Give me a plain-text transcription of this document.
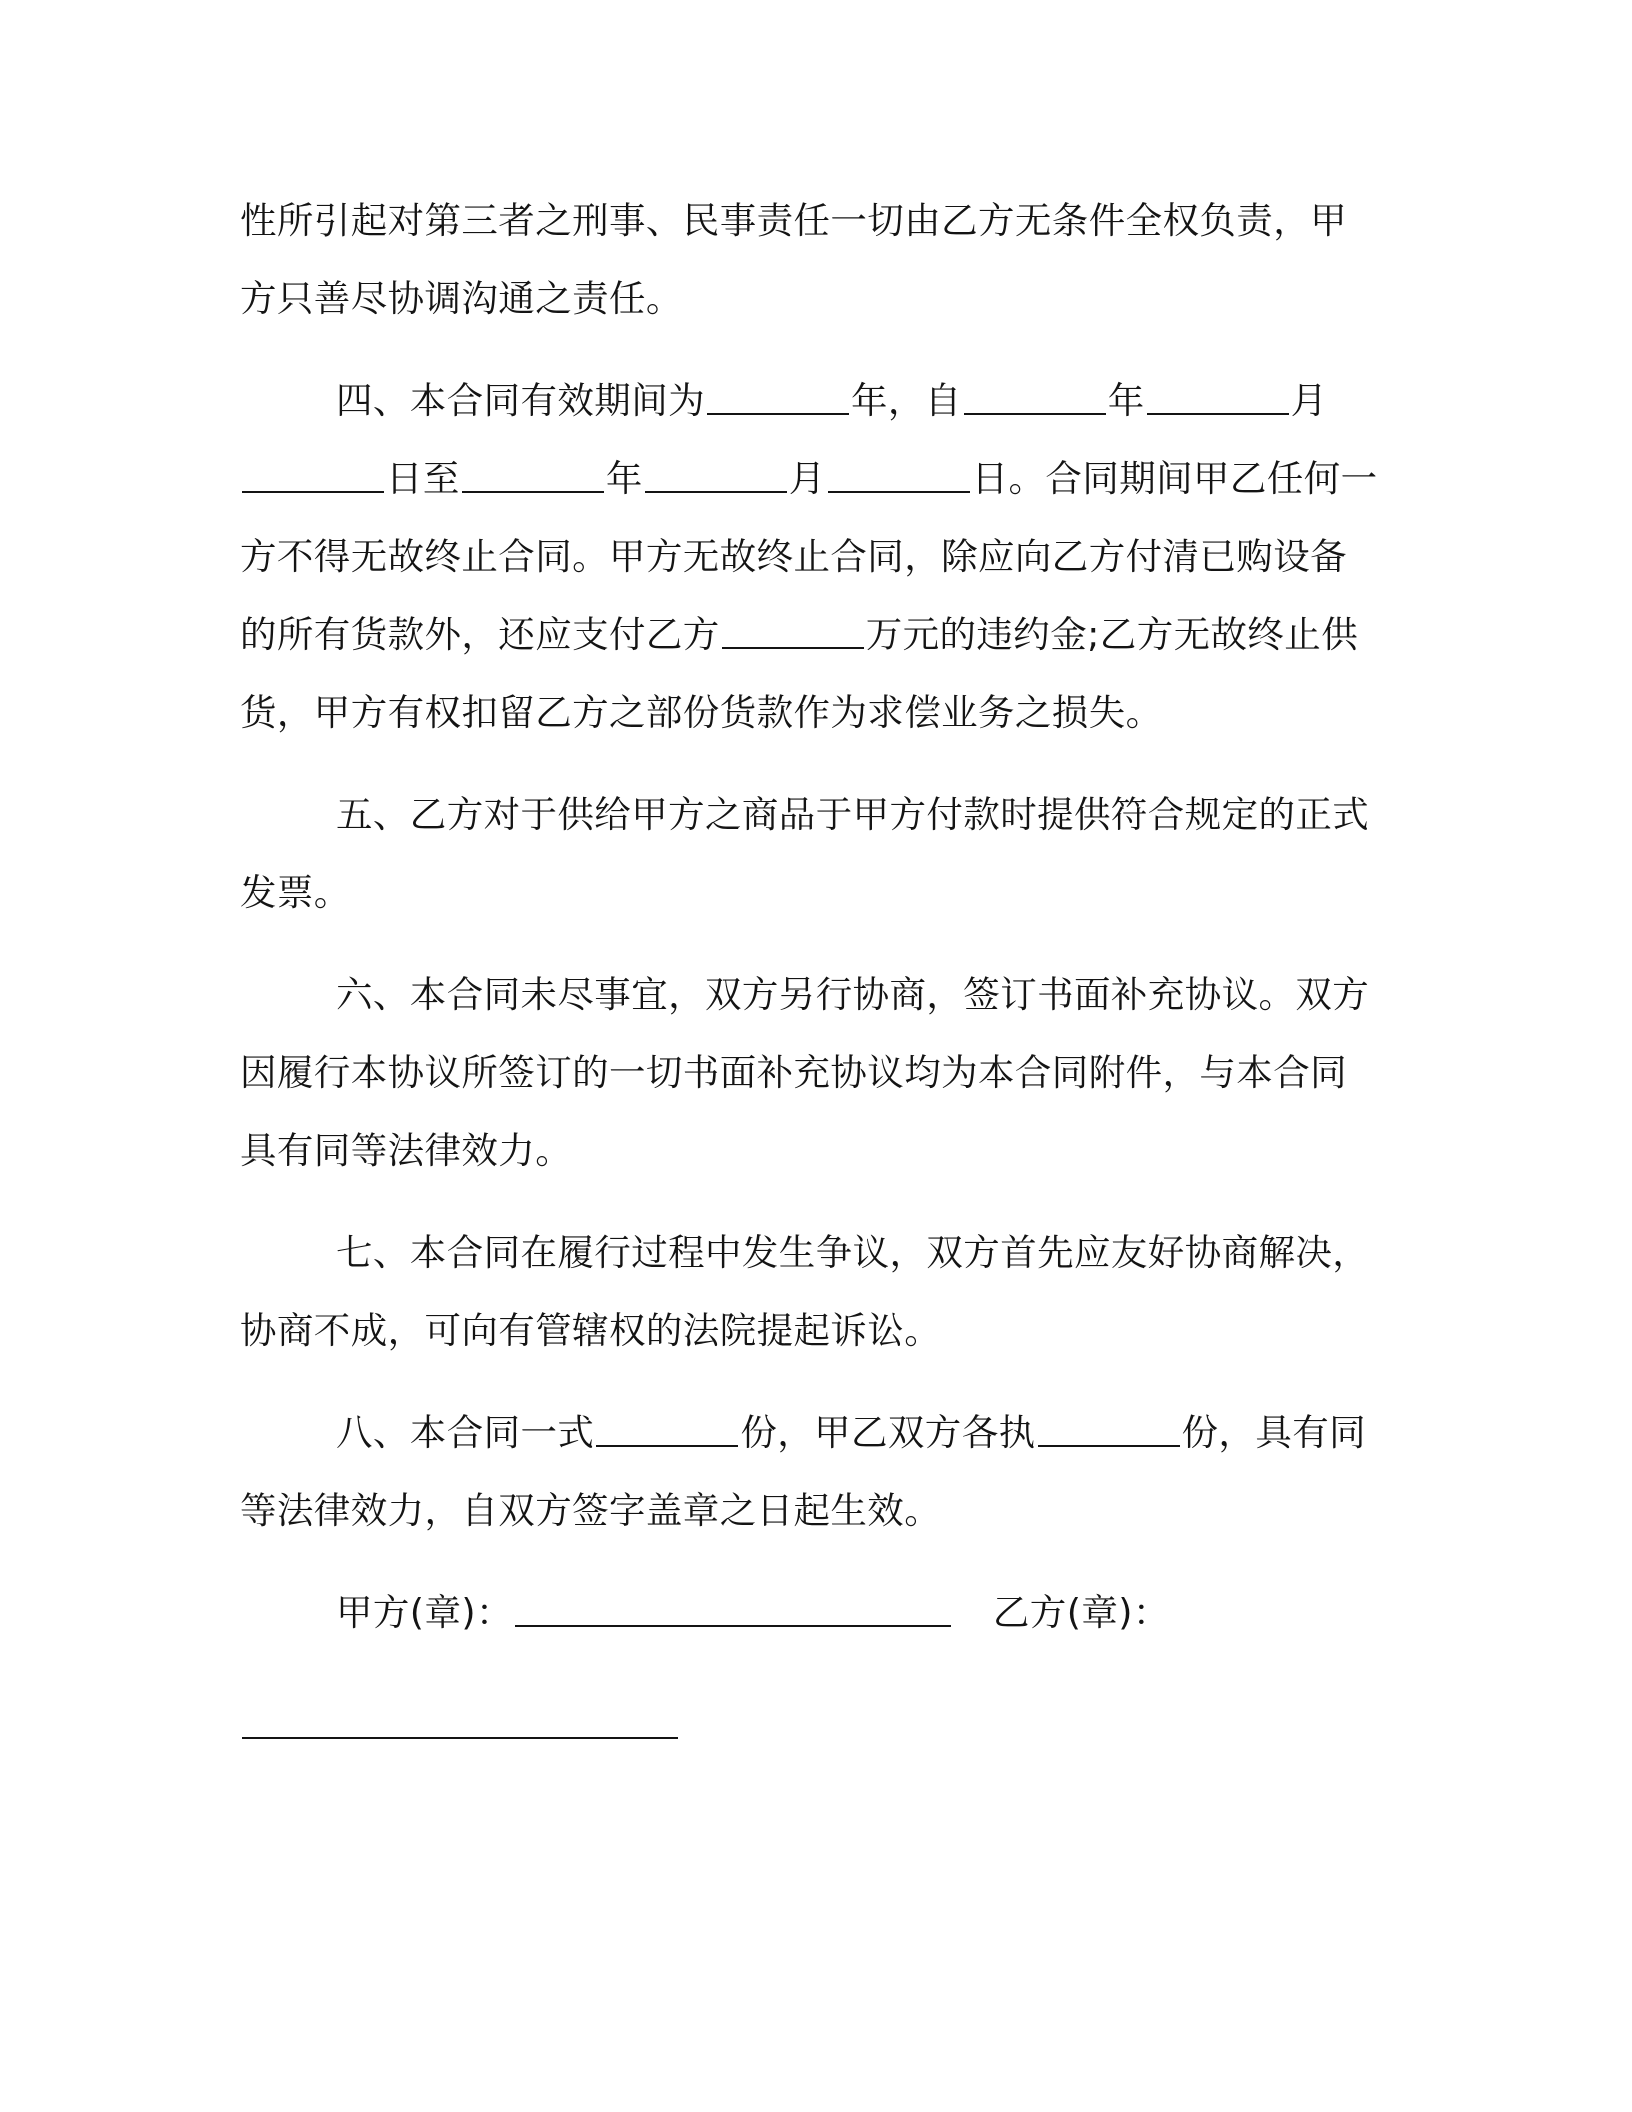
性所引起对第三者之刑事、民事责任一切由乙方无条件全权负责，甲
方只善尽协调沟通之责任。
四、本合同有效期间为	年，自	年	月
日至	年	月	日。合同期间甲乙任何一
方不得无故终止合同。甲方无故终止合同，除应向乙方付清已购设备
的所有货款外，还应支付乙方	万元的违约金;乙方无故终止供
货，甲方有权扣留乙方之部份货款作为求偿业务之损失。
五、乙方对于供给甲方之商品于甲方付款时提供符合规定的正式
发票。
六、本合同未尽事宜，双方另行协商，签订书面补充协议。双方
因履行本协议所签订的一切书面补充协议均为本合同附件，与本合同
具有同等法律效力。
七、本合同在履行过程中发生争议，双方首先应友好协商解决，
协商不成，可向有管辖权的法院提起诉讼。
八、本合同一式	份，甲乙双方各执	份，具有同
等法律效力，自双方签字盖章之日起生效。
甲方(章)：	乙方(章)：
